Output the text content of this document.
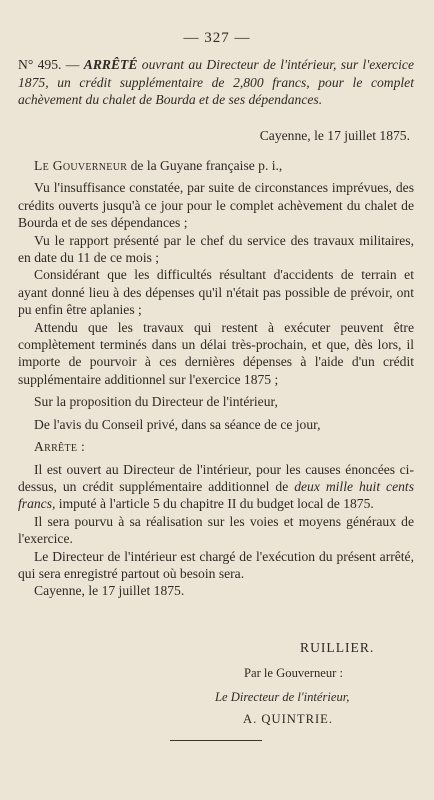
— 327 —
N° 495. — ARRÊTÉ ouvrant au Directeur de l'intérieur, sur l'exercice 1875, un crédit supplémentaire de 2,800 francs, pour le complet achèvement du chalet de Bourda et de ses dépendances.
Cayenne, le 17 juillet 1875.

Le Gouverneur de la Guyane française p. i.,

Vu l'insuffisance constatée, par suite de circonstances imprévues, des crédits ouverts jusqu'à ce jour pour le complet achèvement du chalet de Bourda et de ses dépendances ;

Vu le rapport présenté par le chef du service des travaux militaires, en date du 11 de ce mois ;

Considérant que les difficultés résultant d'accidents de terrain et ayant donné lieu à des dépenses qu'il n'était pas possible de prévoir, ont pu enfin être aplanies ;

Attendu que les travaux qui restent à exécuter peuvent être complètement terminés dans un délai très-prochain, et que, dès lors, il importe de pourvoir à ces dernières dépenses à l'aide d'un crédit supplémentaire additionnel sur l'exercice 1875 ;

Sur la proposition du Directeur de l'intérieur,

De l'avis du Conseil privé, dans sa séance de ce jour,

Arrête :

Il est ouvert au Directeur de l'intérieur, pour les causes énoncées ci-dessus, un crédit supplémentaire additionnel de deux mille huit cents francs, imputé à l'article 5 du chapitre II du budget local de 1875.

Il sera pourvu à sa réalisation sur les voies et moyens généraux de l'exercice.

Le Directeur de l'intérieur est chargé de l'exécution du présent arrêté, qui sera enregistré partout où besoin sera.

Cayenne, le 17 juillet 1875.

RUILLIER.
Par le Gouverneur :
Le Directeur de l'intérieur,
A. QUINTRIE.
